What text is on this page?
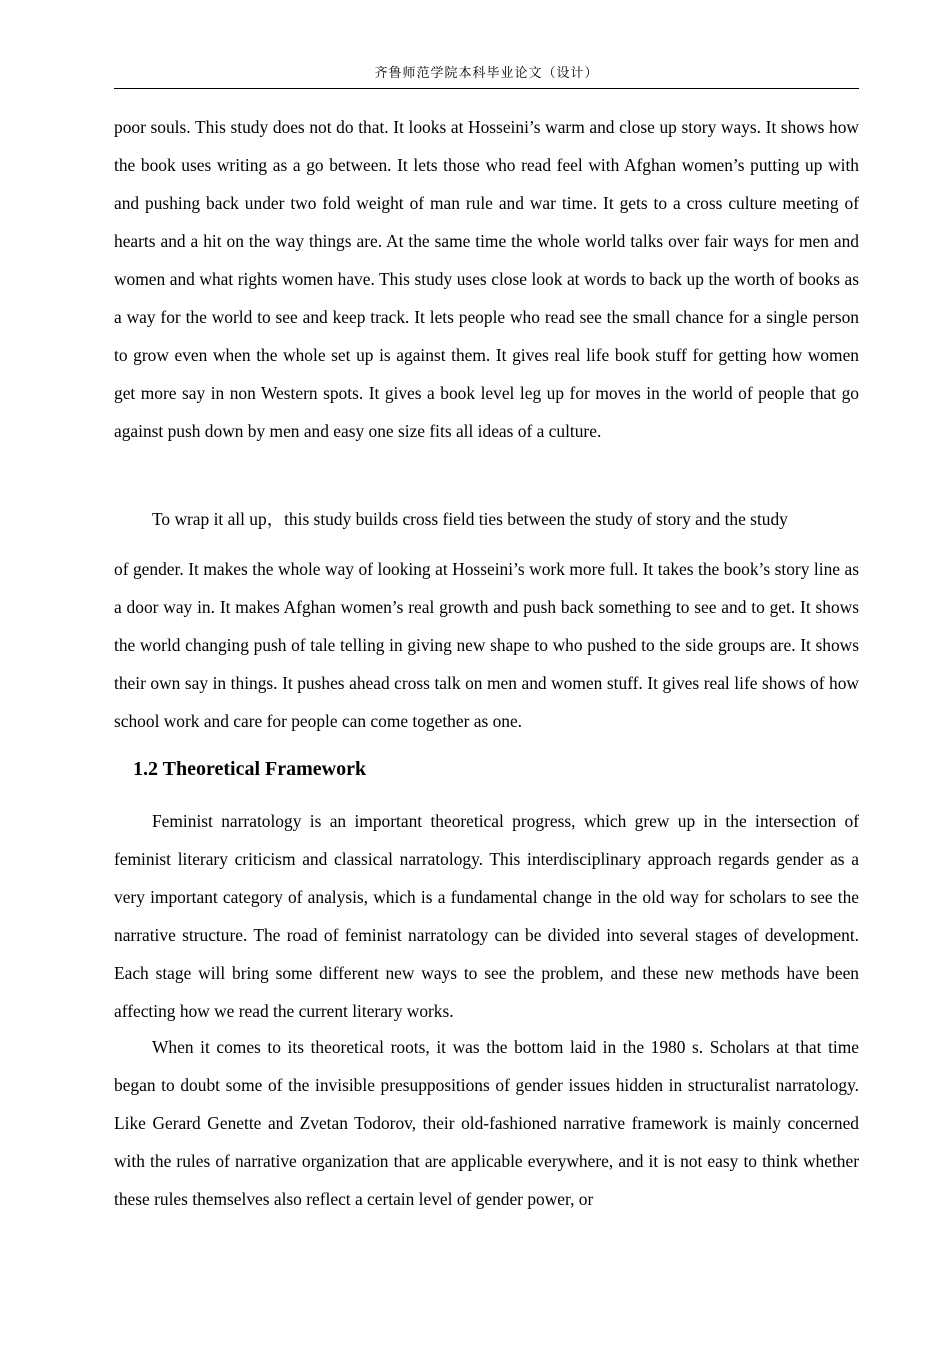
齐鲁师范学院本科毕业论文（设计）

poor souls. This study does not do that. It looks at Hosseini’s warm and close up story ways. It shows how the book uses writing as a go between. It lets those who read feel with Afghan women’s putting up with and pushing back under two fold weight of man rule and war time. It gets to a cross culture meeting of hearts and a hit on the way things are. At the same time the whole world talks over fair ways for men and women and what rights women have. This study uses close look at words to back up the worth of books as a way for the world to see and keep track. It lets people who read see the small chance for a single person to grow even when the whole set up is against them. It gives real life book stuff for getting how women get more say in non Western spots. It gives a book level leg up for moves in the world of people that go against push down by men and easy one size fits all ideas of a culture.

To wrap it all up，this study builds cross field ties between the study of story and the study

of gender. It makes the whole way of looking at Hosseini’s work more full. It takes the book’s story line as a door way in. It makes Afghan women’s real growth and push back something to see and to get. It shows the world changing push of tale telling in giving new shape to who pushed to the side groups are. It shows their own say in things. It pushes ahead cross talk on men and women stuff. It gives real life shows of how school work and care for people can come together as one.

1.2 Theoretical Framework

Feminist narratology is an important theoretical progress, which grew up in the intersection of feminist literary criticism and classical narratology. This interdisciplinary approach regards gender as a very important category of analysis, which is a fundamental change in the old way for scholars to see the narrative structure. The road of feminist narratology can be divided into several stages of development. Each stage will bring some different new ways to see the problem, and these new methods have been affecting how we read the current literary works.

When it comes to its theoretical roots, it was the bottom laid in the 1980 s. Scholars at that time began to doubt some of the invisible presuppositions of gender issues hidden in structuralist narratology. Like Gerard Genette and Zvetan Todorov, their old-fashioned narrative framework is mainly concerned with the rules of narrative organization that are applicable everywhere, and it is not easy to think whether these rules themselves also reflect a certain level of gender power, or
